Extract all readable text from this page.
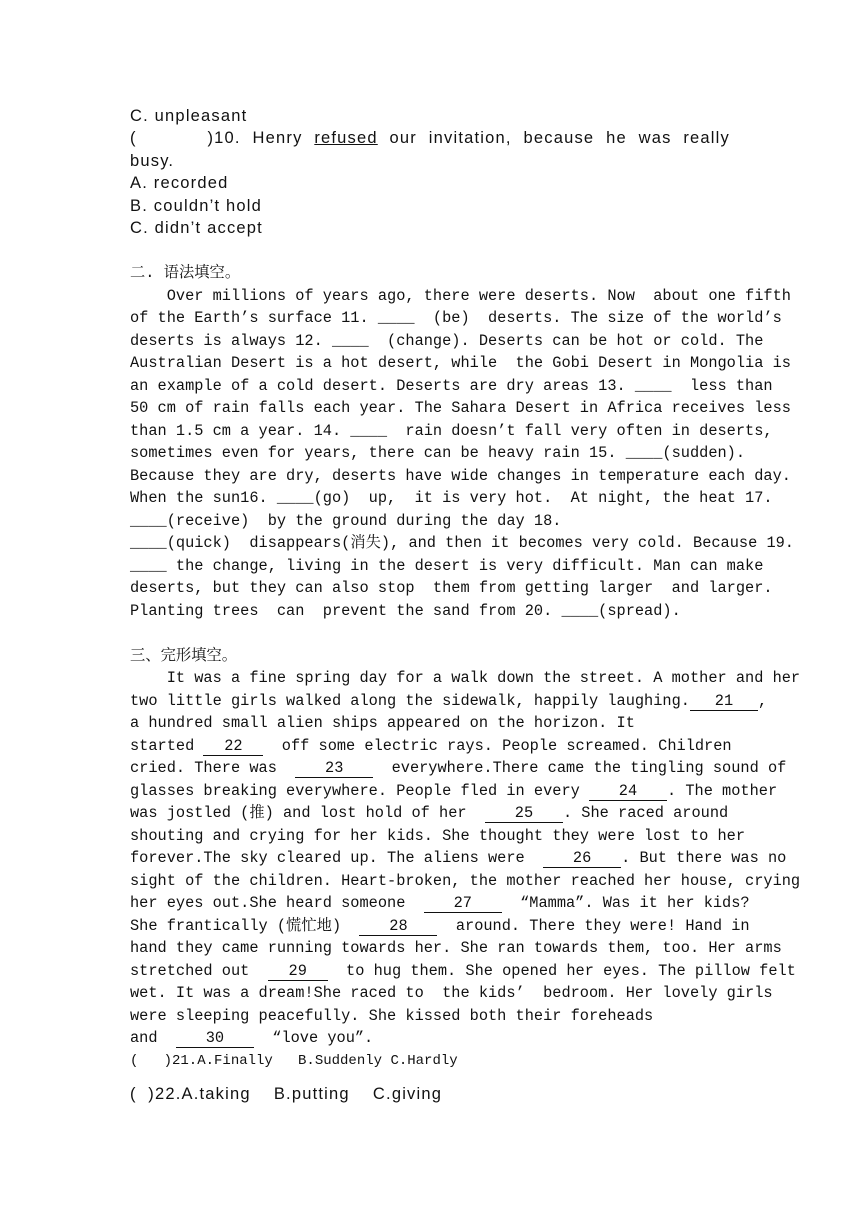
C. unpleasant
(      )10. Henry refused our invitation, because he was really
busy.
A. recorded
B. couldn’t hold
C. didn’t accept
二. 语法填空。
Over millions of years ago, there were deserts. Now  about one fifth
of the Earth’s surface 11. ____  (be)  deserts. The size of the world’s
deserts is always 12. ____  (change). Deserts can be hot or cold. The
Australian Desert is a hot desert, while  the Gobi Desert in Mongolia is
an example of a cold desert. Deserts are dry areas 13. ____  less than
50 cm of rain falls each year. The Sahara Desert in Africa receives less
than 1.5 cm a year. 14. ____  rain doesn’t fall very often in deserts,
sometimes even for years, there can be heavy rain 15. ____(sudden).
Because they are dry, deserts have wide changes in temperature each day.
When the sun16. ____(go)  up,  it is very hot.  At night, the heat 17.
____(receive)  by the ground during the day 18.
____(quick)  disappears(消失), and then it becomes very cold. Because 19.
____ the change, living in the desert is very difficult. Man can make
deserts, but they can also stop  them from getting larger  and larger.
Planting trees  can  prevent the sand from 20. ____(spread).
三、完形填空。
It was a fine spring day for a walk down the street. A mother and her
two little girls walked along the sidewalk, happily laughing. 21 ,
a hundred small alien ships appeared on the horizon. It
started 22  off some electric rays. People screamed. Children
cried. There was  23  everywhere.There came the tingling sound of
glasses breaking everywhere. People fled in every 24 . The mother
was jostled (推) and lost hold of her  25 . She raced around
shouting and crying for her kids. She thought they were lost to her
forever.The sky cleared up. The aliens were  26 . But there was no
sight of the children. Heart-broken, the mother reached her house, crying
her eyes out.She heard someone  27  “Mamma”. Was it her kids?
She frantically (慌忙地)  28  around. There they were! Hand in
hand they came running towards her. She ran towards them, too. Her arms
stretched out  29  to hug them. She opened her eyes. The pillow felt
wet. It was a dream!She raced to  the kids’  bedroom. Her lovely girls
were sleeping peacefully. She kissed both their foreheads
and  30  “love you”.
(   )21.A.Finally   B.Suddenly C.Hardly
(  )22.A.taking    B.putting    C.giving
